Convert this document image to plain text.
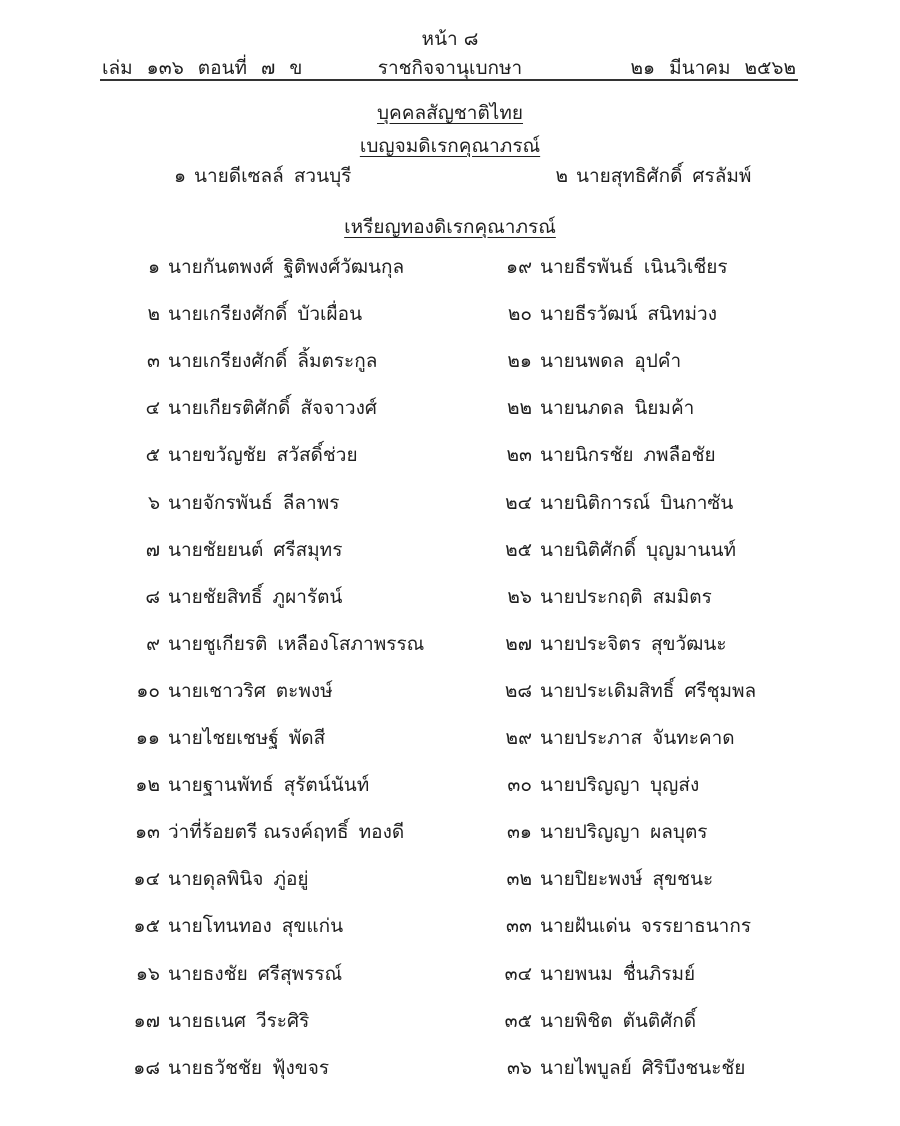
หน้า ๘
เล่ม ๑๓๖ ตอนที่ ๗ ข	ราชกิจจานุเบกษา	๒๑ มีนาคม ๒๕๖๒
บุคคลสัญชาติไทย
เบญจมดิเรกคุณาภรณ์
๑ นายดีเซลล์ สวนบุรี	๒ นายสุทธิศักดิ์ ศรลัมพ์
เหรียญทองดิเรกคุณาภรณ์
๑ นายกันตพงศ์ ฐิติพงศ์วัฒนกุล
๒ นายเกรียงศักดิ์ บัวเผื่อน
๓ นายเกรียงศักดิ์ ลิ้มตระกูล
๔ นายเกียรติศักดิ์ สัจจาวงศ์
๕ นายขวัญชัย สวัสดิ์ช่วย
๖ นายจักรพันธ์ ลีลาพร
๗ นายชัยยนต์ ศรีสมุทร
๘ นายชัยสิทธิ์ ภูผารัตน์
๙ นายชูเกียรติ เหลืองโสภาพรรณ
๑๐ นายเชาวริศ ตะพงษ์
๑๑ นายไชยเชษฐ์ พัดสี
๑๒ นายฐานพัทธ์ สุรัตน์นันท์
๑๓ ว่าที่ร้อยตรี ณรงค์ฤทธิ์ ทองดี
๑๔ นายดุลพินิจ ภู่อยู่
๑๕ นายโทนทอง สุขแก่น
๑๖ นายธงชัย ศรีสุพรรณ์
๑๗ นายธเนศ วีระศิริ
๑๘ นายธวัชชัย ฟุ้งขจร
๑๙ นายธีรพันธ์ เนินวิเชียร
๒๐ นายธีรวัฒน์ สนิทม่วง
๒๑ นายนพดล อุปคำ
๒๒ นายนภดล นิยมค้า
๒๓ นายนิกรชัย ภพลือชัย
๒๔ นายนิติการณ์ บินกาซัน
๒๕ นายนิติศักดิ์ บุญมานนท์
๒๖ นายประกฤติ สมมิตร
๒๗ นายประจิตร สุขวัฒนะ
๒๘ นายประเดิมสิทธิ์ ศรีชุมพล
๒๙ นายประภาส จันทะคาด
๓๐ นายปริญญา บุญส่ง
๓๑ นายปริญญา ผลบุตร
๓๒ นายปิยะพงษ์ สุขชนะ
๓๓ นายฝันเด่น จรรยาธนากร
๓๔ นายพนม ชื่นภิรมย์
๓๕ นายพิชิต ตันติศักดิ์
๓๖ นายไพบูลย์ ศิริบึงชนะชัย
